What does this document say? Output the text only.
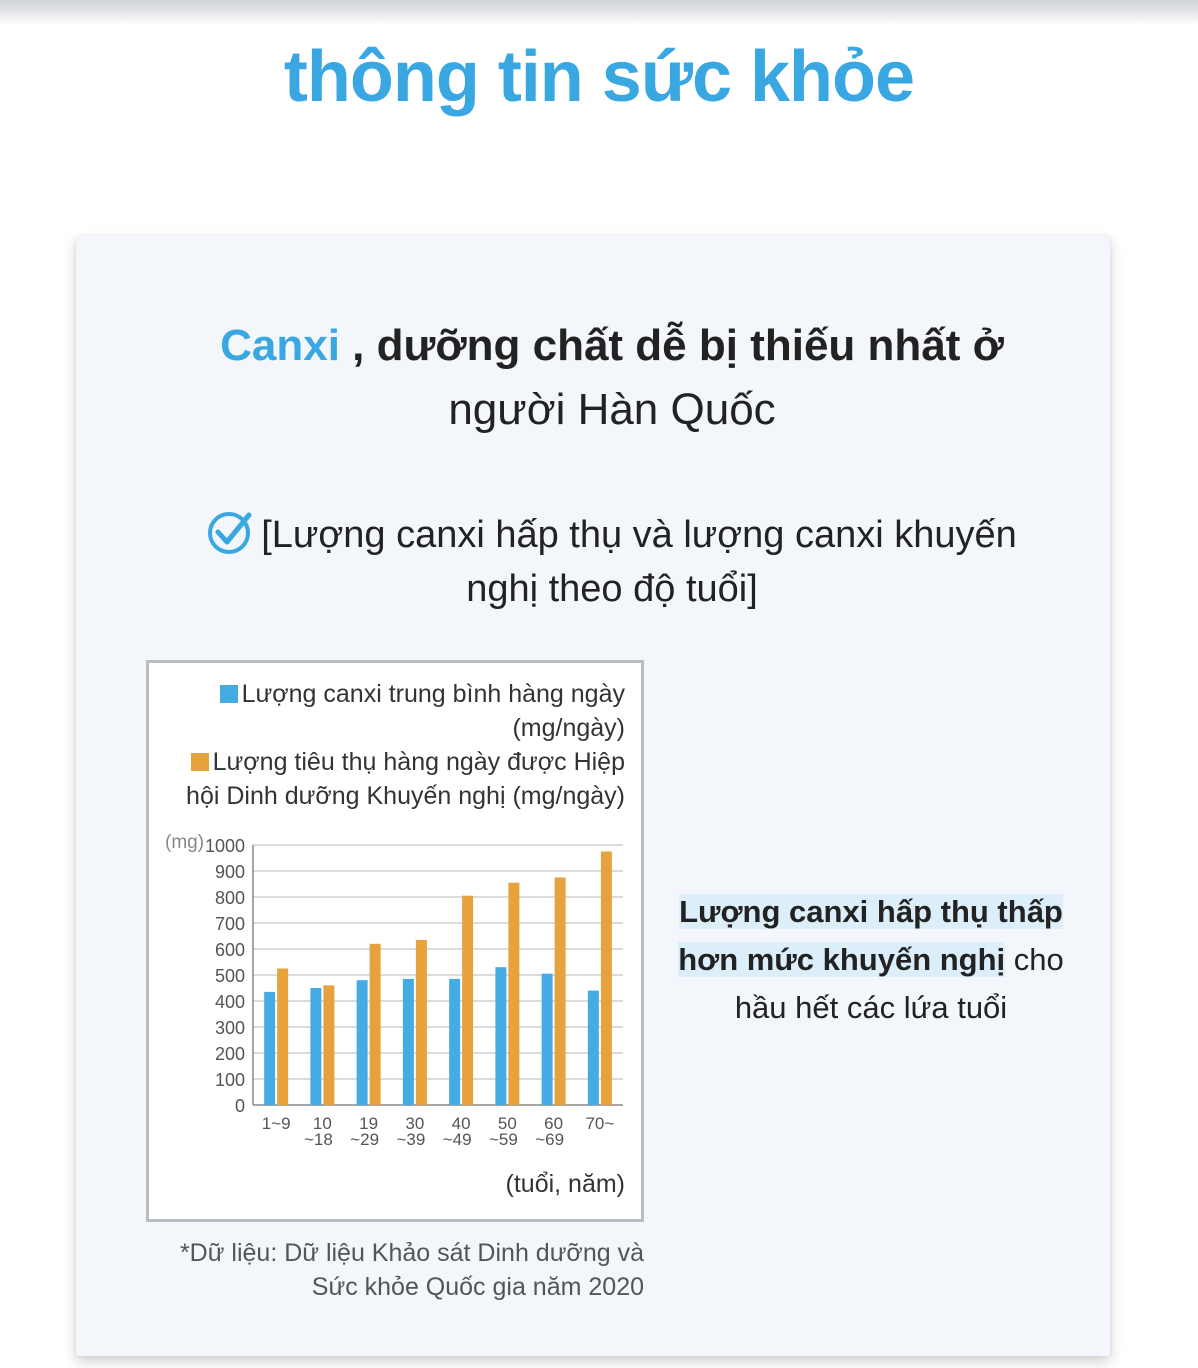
thông tin sức khỏe
Canxi , dưỡng chất dễ bị thiếu nhất ở người Hàn Quốc
[Lượng canxi hấp thụ và lượng canxi khuyến nghị theo độ tuổi]
Lượng canxi trung bình hàng ngày (mg/ngày)
Lượng tiêu thụ hàng ngày được Hiệp hội Dinh dưỡng Khuyến nghị (mg/ngày)
(mg)
0
100
200
300
400
500
600
700
800
900
1000
1~9 10
~18
19
~29
30
~39
40
~49
50
~59
60
~69
70~
(tuổi, năm)
*Dữ liệu: Dữ liệu Khảo sát Dinh dưỡng và
Sức khỏe Quốc gia năm 2020
Lượng canxi hấp thụ thấp hơn mức khuyến nghị cho hầu hết các lứa tuổi
